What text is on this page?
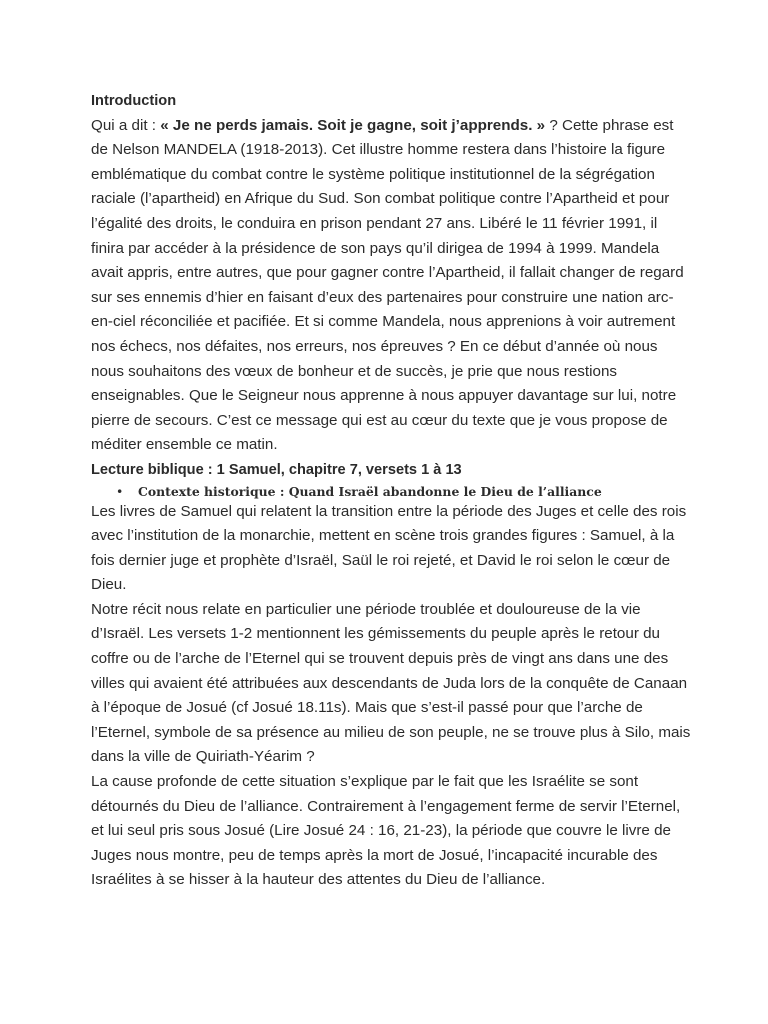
Introduction

Qui a dit : « Je ne perds jamais. Soit je gagne, soit j’apprends. » ? Cette phrase est de Nelson MANDELA (1918-2013). Cet illustre homme restera dans l’histoire la figure emblématique du combat contre le système politique institutionnel de la ségrégation raciale (l’apartheid) en Afrique du Sud. Son combat politique contre l’Apartheid et pour l’égalité des droits, le conduira en prison pendant 27 ans. Libéré le 11 février 1991, il finira par accéder à la présidence de son pays qu’il dirigea de 1994 à 1999. Mandela avait appris, entre autres, que pour gagner contre l’Apartheid, il fallait changer de regard sur ses ennemis d’hier en faisant d’eux des partenaires pour construire une nation arc-en-ciel réconciliée et pacifiée. Et si comme Mandela, nous apprenions à voir autrement nos échecs, nos défaites, nos erreurs, nos épreuves ? En ce début d’année où nous nous souhaitons des vœux de bonheur et de succès, je prie que nous restions enseignables. Que le Seigneur nous apprenne à nous appuyer davantage sur lui, notre pierre de secours. C’est ce message qui est au cœur du texte que je vous propose de méditer ensemble ce matin.

Lecture biblique : 1 Samuel, chapitre 7, versets 1 à 13

• Contexte historique : Quand Israël abandonne le Dieu de l’alliance

Les livres de Samuel qui relatent la transition entre la période des Juges et celle des rois avec l’institution de la monarchie, mettent en scène trois grandes figures : Samuel, à la fois dernier juge et prophète d’Israël, Saül le roi rejeté, et David le roi selon le cœur de Dieu.

Notre récit nous relate en particulier une période troublée et douloureuse de la vie d’Israël. Les versets 1-2 mentionnent les gémissements du peuple après le retour du coffre ou de l’arche de l’Eternel qui se trouvent depuis près de vingt ans dans une des villes qui avaient été attribuées aux descendants de Juda lors de la conquête de Canaan à l’époque de Josué (cf Josué 18.11s). Mais que s’est-il passé pour que l’arche de l’Eternel, symbole de sa présence au milieu de son peuple, ne se trouve plus à Silo, mais dans la ville de Quiriath-Yéarim ?

La cause profonde de cette situation s’explique par le fait que les Israélite se sont détournés du Dieu de l’alliance. Contrairement à l’engagement ferme de servir l’Eternel, et lui seul pris sous Josué (Lire Josué 24 : 16, 21-23), la période que couvre le livre de Juges nous montre, peu de temps après la mort de Josué, l’incapacité incurable des Israélites à se hisser à la hauteur des attentes du Dieu de l’alliance.
